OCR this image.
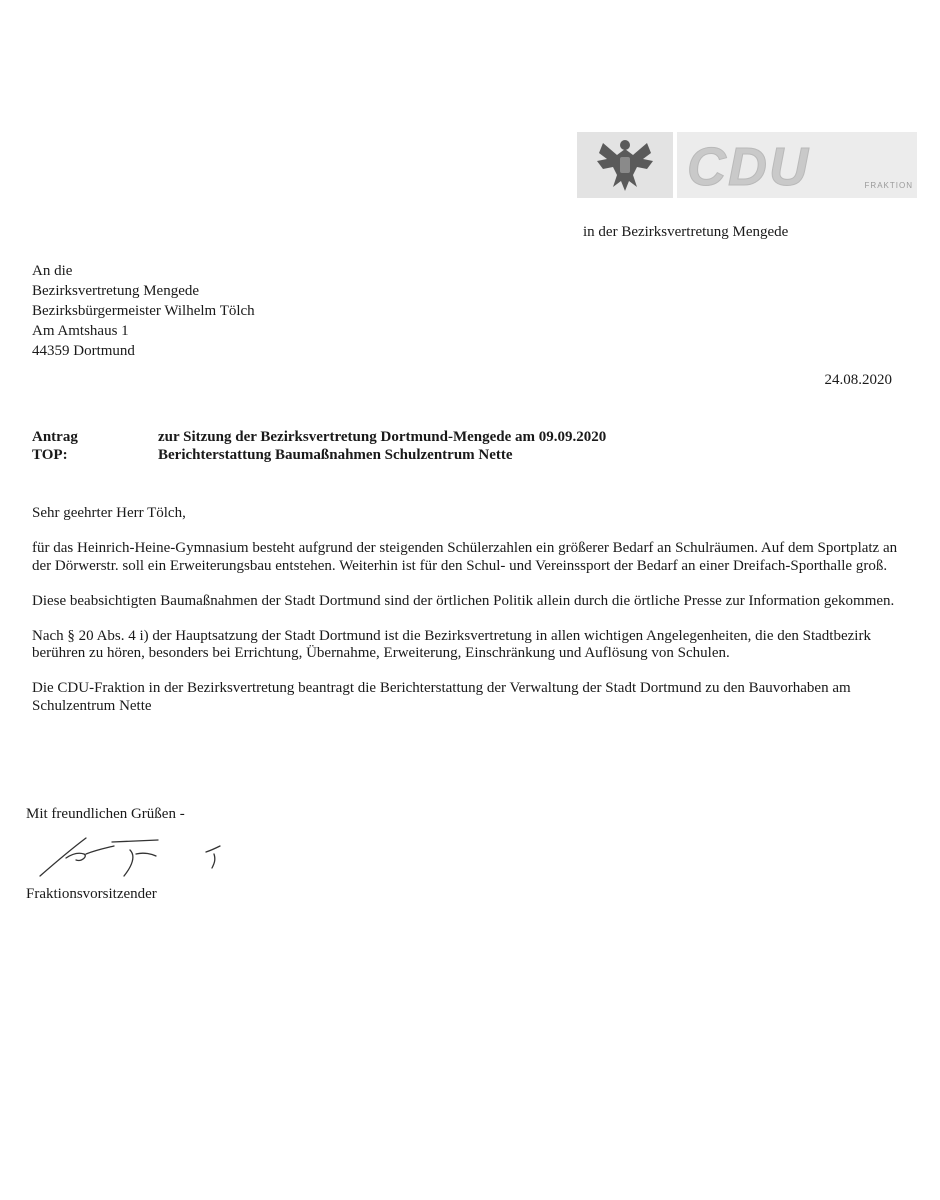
CDU	FRAKTION
in der Bezirksvertretung Mengede
An die
Bezirksvertretung Mengede
Bezirksbürgermeister Wilhelm Tölch
Am Amtshaus 1
44359 Dortmund
24.08.2020
Antrag	zur Sitzung der Bezirksvertretung Dortmund-Mengede am 09.09.2020
TOP:	Berichterstattung Baumaßnahmen Schulzentrum Nette

Sehr geehrter Herr Tölch,

für das Heinrich-Heine-Gymnasium besteht aufgrund der steigenden Schülerzahlen ein größerer Bedarf an Schulräumen. Auf dem Sportplatz an der Dörwerstr. soll ein Erweiterungsbau entstehen. Weiterhin ist für den Schul- und Vereinssport der Bedarf an einer Dreifach-Sporthalle groß.

Diese beabsichtigten Baumaßnahmen der Stadt Dortmund sind der örtlichen Politik allein durch die örtliche Presse zur Information gekommen.

Nach § 20 Abs. 4 i) der Hauptsatzung der Stadt Dortmund ist die Bezirksvertretung in allen wichtigen Angelegenheiten, die den Stadtbezirk berühren zu hören, besonders bei Errichtung, Übernahme, Erweiterung, Einschränkung und Auflösung von Schulen.

Die CDU-Fraktion in der Bezirksvertretung beantragt die Berichterstattung der Verwaltung der Stadt Dortmund zu den Bauvorhaben am Schulzentrum Nette

Mit freundlichen Grüßen -
Fraktionsvorsitzender
